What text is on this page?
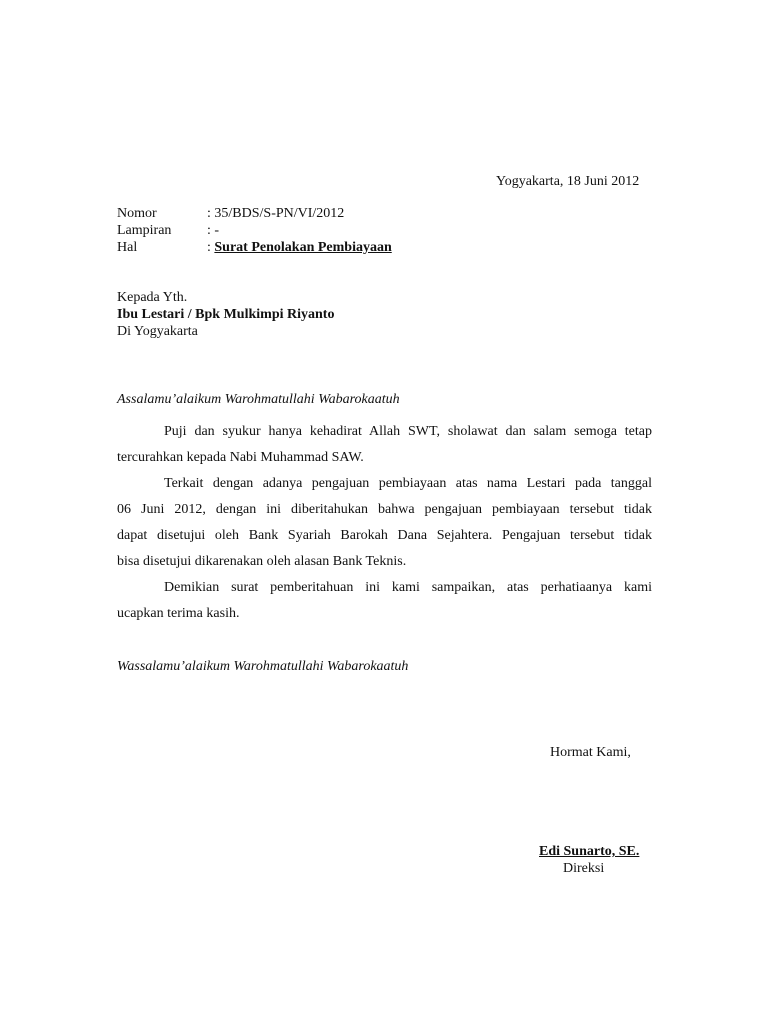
Yogyakarta, 18 Juni 2012
Nomor	: 35/BDS/S-PN/VI/2012
Lampiran	: -
Hal	: Surat Penolakan Pembiayaan
Kepada Yth.
Ibu Lestari / Bpk Mulkimpi Riyanto
Di Yogyakarta
Assalamu’alaikum Warohmatullahi Wabarokaatuh
Puji dan syukur hanya kehadirat Allah SWT, sholawat dan salam semoga tetap
tercurahkan kepada Nabi Muhammad SAW.
Terkait dengan adanya pengajuan pembiayaan atas nama Lestari pada tanggal
06 Juni 2012, dengan ini diberitahukan bahwa pengajuan pembiayaan tersebut tidak
dapat disetujui oleh Bank Syariah Barokah Dana Sejahtera. Pengajuan tersebut tidak
bisa disetujui dikarenakan oleh alasan Bank Teknis.
Demikian surat pemberitahuan ini kami sampaikan, atas perhatiaanya kami
ucapkan terima kasih.
Wassalamu’alaikum Warohmatullahi Wabarokaatuh
Hormat Kami,
Edi Sunarto, SE.
Direksi
